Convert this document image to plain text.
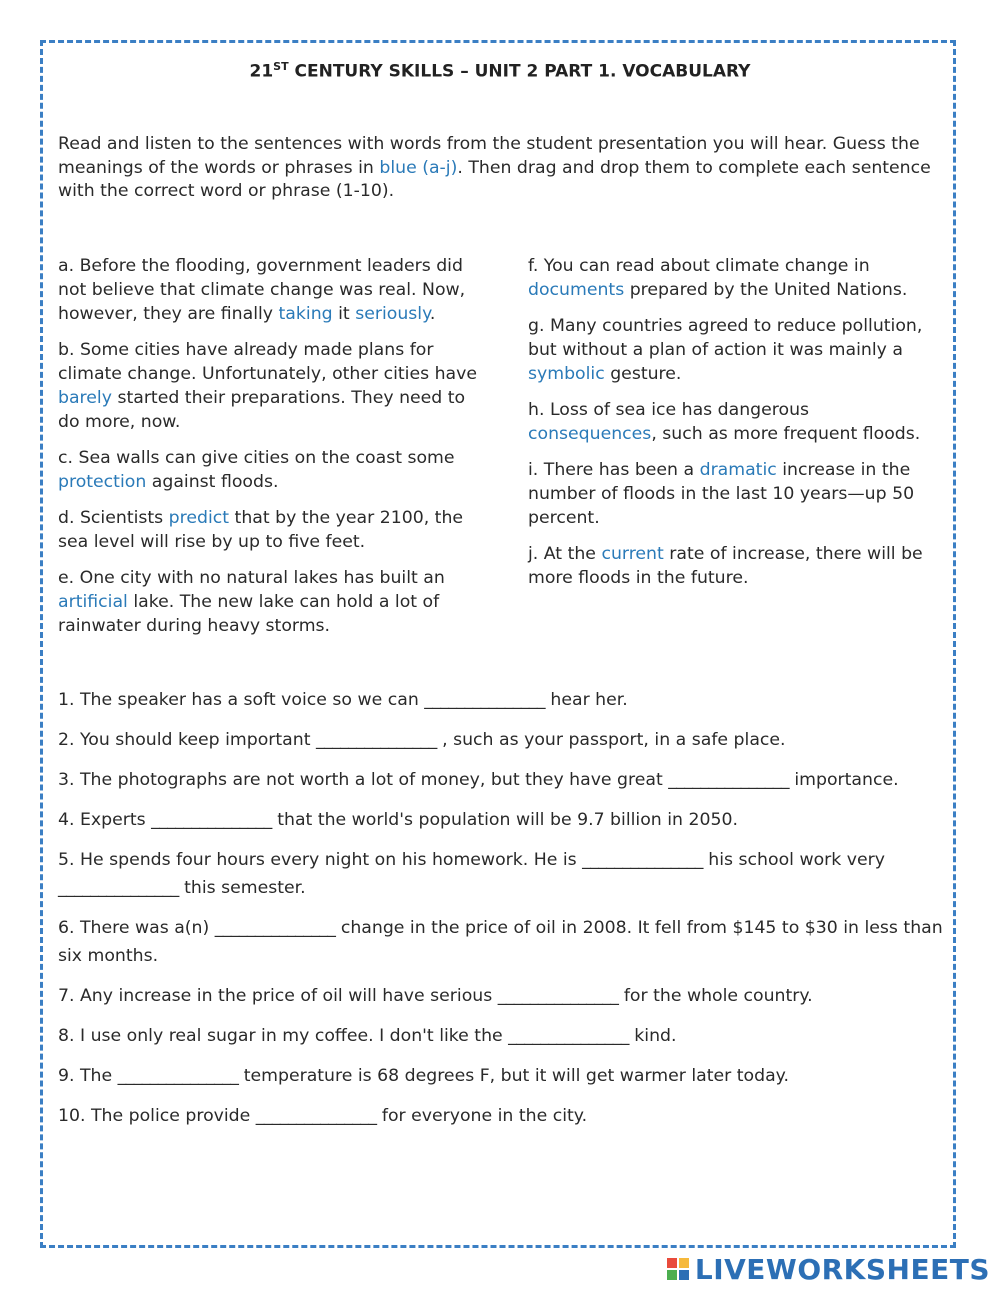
21ST CENTURY SKILLS – UNIT 2 PART 1. VOCABULARY
Read and listen to the sentences with words from the student presentation you will hear. Guess the meanings of the words or phrases in blue (a-j). Then drag and drop them to complete each sentence with the correct word or phrase (1-10).

a. Before the flooding, government leaders did not believe that climate change was real. Now, however, they are finally taking it seriously.

b. Some cities have already made plans for climate change. Unfortunately, other cities have barely started their preparations. They need to do more, now.

c. Sea walls can give cities on the coast some protection against floods.

d. Scientists predict that by the year 2100, the sea level will rise by up to five feet.

e. One city with no natural lakes has built an artificial lake. The new lake can hold a lot of rainwater during heavy storms.

f. You can read about climate change in documents prepared by the United Nations.

g. Many countries agreed to reduce pollution, but without a plan of action it was mainly a symbolic gesture.

h. Loss of sea ice has dangerous consequences, such as more frequent floods.

i. There has been a dramatic increase in the number of floods in the last 10 years—up 50 percent.

j. At the current rate of increase, there will be more floods in the future.

1. The speaker has a soft voice so we can _______________ hear her.

2. You should keep important _______________ , such as your passport, in a safe place.

3. The photographs are not worth a lot of money, but they have great _______________ importance.

4. Experts _______________ that the world's population will be 9.7 billion in 2050.

5. He spends four hours every night on his homework. He is _______________ his school work very _______________ this semester.

6. There was a(n) _______________ change in the price of oil in 2008. It fell from $145 to $30 in less than six months.

7. Any increase in the price of oil will have serious _______________ for the whole country.

8. I use only real sugar in my coffee. I don't like the _______________ kind.

9. The _______________ temperature is 68 degrees F, but it will get warmer later today.

10. The police provide _______________ for everyone in the city.

LIVEWORKSHEETS
